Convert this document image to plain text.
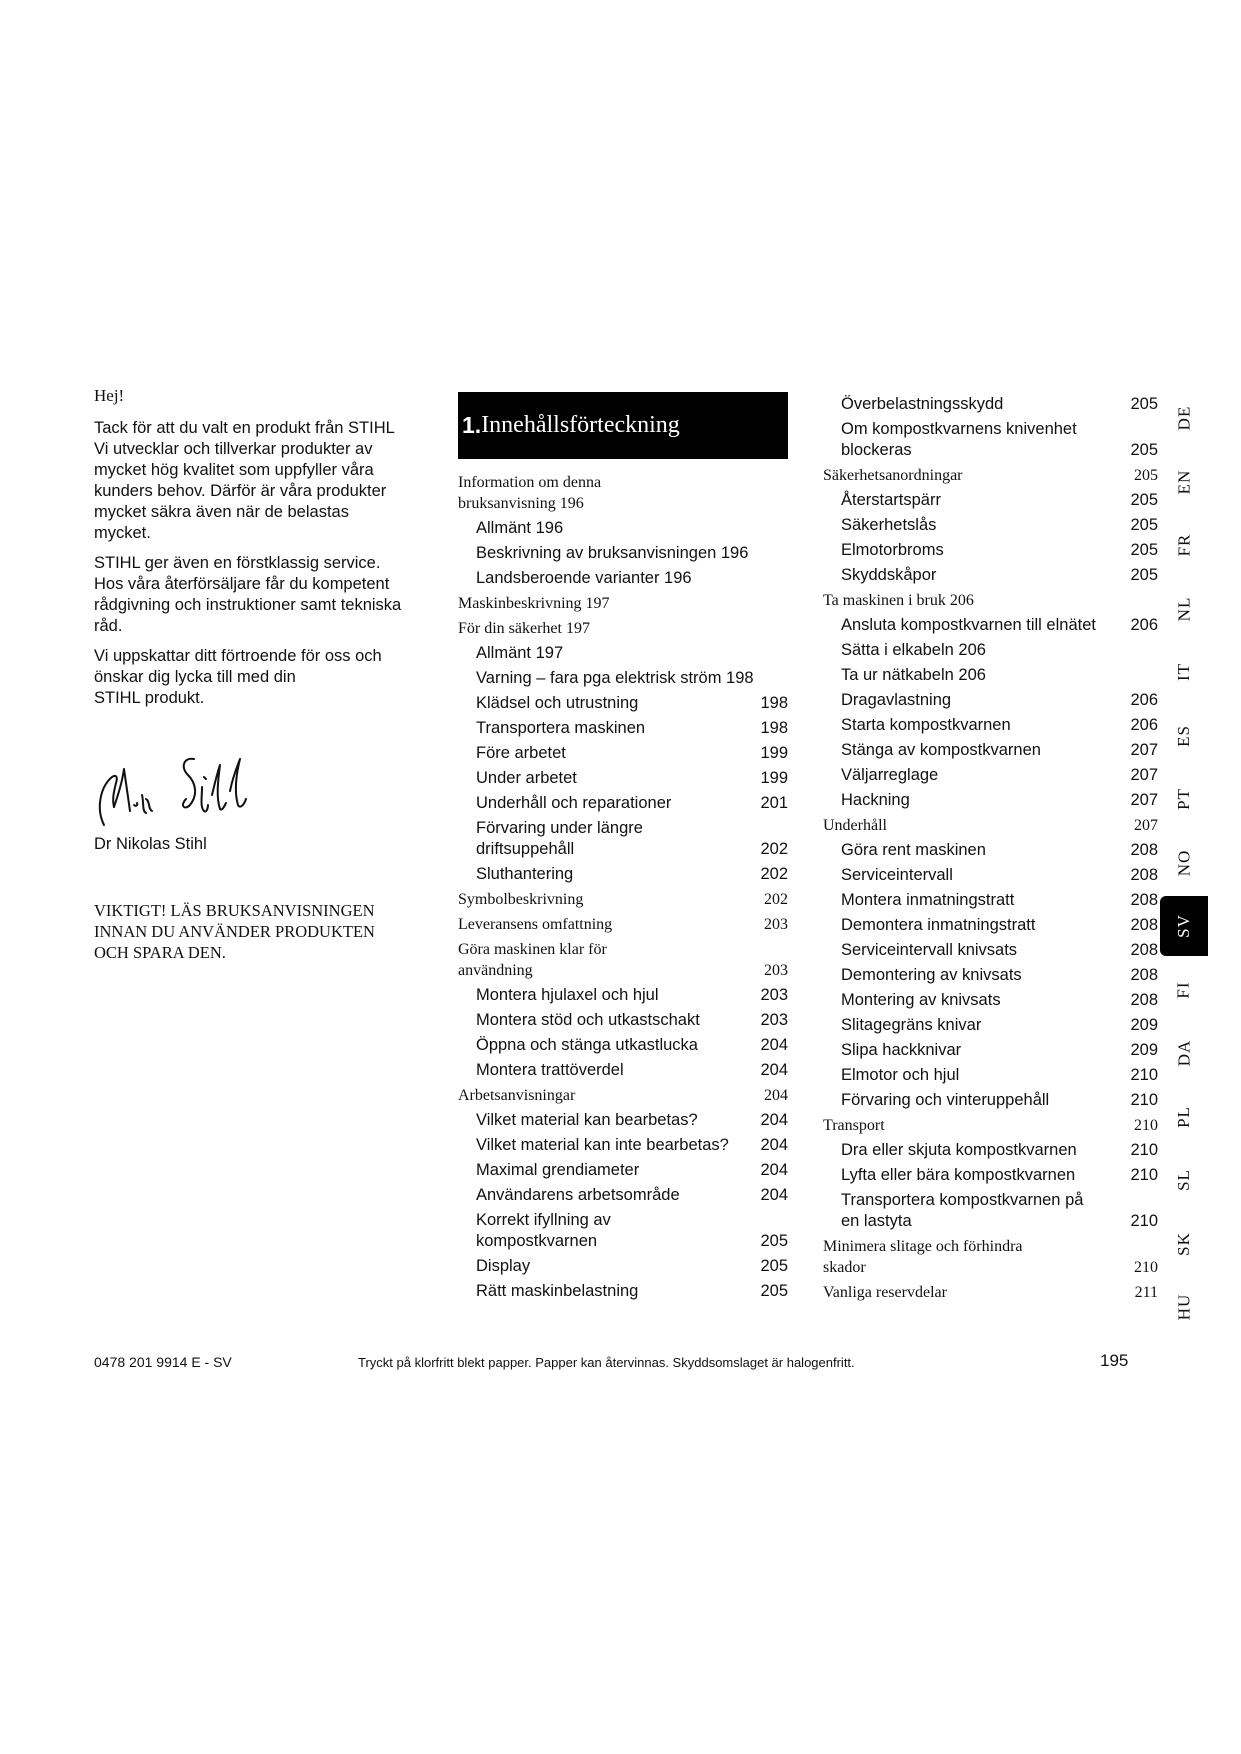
Hej!

Tack för att du valt en produkt från STIHL
Vi utvecklar och tillverkar produkter av
mycket hög kvalitet som uppfyller våra
kunders behov. Därför är våra produkter
mycket säkra även när de belastas
mycket.

STIHL ger även en förstklassig service.
Hos våra återförsäljare får du kompetent
rådgivning och instruktioner samt tekniska
råd.

Vi uppskattar ditt förtroende för oss och
önskar dig lycka till med din
STIHL produkt.

Dr Nikolas Stihl

VIKTIGT! LÄS BRUKSANVISNINGEN
INNAN DU ANVÄNDER PRODUKTEN
OCH SPARA DEN.

1. Innehållsförteckning
Information om denna
bruksanvisning 196
Allmänt 196
Beskrivning av bruksanvisningen 196
Landsberoende varianter 196
Maskinbeskrivning 197
För din säkerhet 197
Allmänt 197
Varning – fara pga elektrisk ström 198
Klädsel och utrustning	198
Transportera maskinen	198
Före arbetet	199
Under arbetet	199
Underhåll och reparationer	201
Förvaring under längre
driftsuppehåll	202
Sluthantering	202
Symbolbeskrivning	202
Leveransens omfattning	203
Göra maskinen klar för
användning	203
Montera hjulaxel och hjul	203
Montera stöd och utkastschakt	203
Öppna och stänga utkastlucka	204
Montera trattöverdel	204
Arbetsanvisningar	204
Vilket material kan bearbetas?	204
Vilket material kan inte bearbetas?	204
Maximal grendiameter	204
Användarens arbetsområde	204
Korrekt ifyllning av
kompostkvarnen	205
Display	205
Rätt maskinbelastning	205
Överbelastningsskydd	205
Om kompostkvarnens knivenhet
blockeras	205
Säkerhetsanordningar	205
Återstartspärr	205
Säkerhetslås	205
Elmotorbroms	205
Skyddskåpor	205
Ta maskinen i bruk 206
Ansluta kompostkvarnen till elnätet	206
Sätta i elkabeln 206
Ta ur nätkabeln 206
Dragavlastning	206
Starta kompostkvarnen	206
Stänga av kompostkvarnen	207
Väljarreglage	207
Hackning	207
Underhåll	207
Göra rent maskinen	208
Serviceintervall	208
Montera inmatningstratt	208
Demontera inmatningstratt	208
Serviceintervall knivsats	208
Demontering av knivsats	208
Montering av knivsats	208
Slitagegräns knivar	209
Slipa hackknivar	209
Elmotor och hjul	210
Förvaring och vinteruppehåll	210
Transport	210
Dra eller skjuta kompostkvarnen	210
Lyfta eller bära kompostkvarnen	210
Transportera kompostkvarnen på
en lastyta	210
Minimera slitage och förhindra
skador	210
Vanliga reservdelar	211
0478 201 9914 E - SV	Tryckt på klorfritt blekt papper. Papper kan återvinnas. Skyddsomslaget är halogenfritt.	195
DE
EN
FR
NL
IT
ES
PT
NO
SV
FI
DA
PL
SL
SK
HU
